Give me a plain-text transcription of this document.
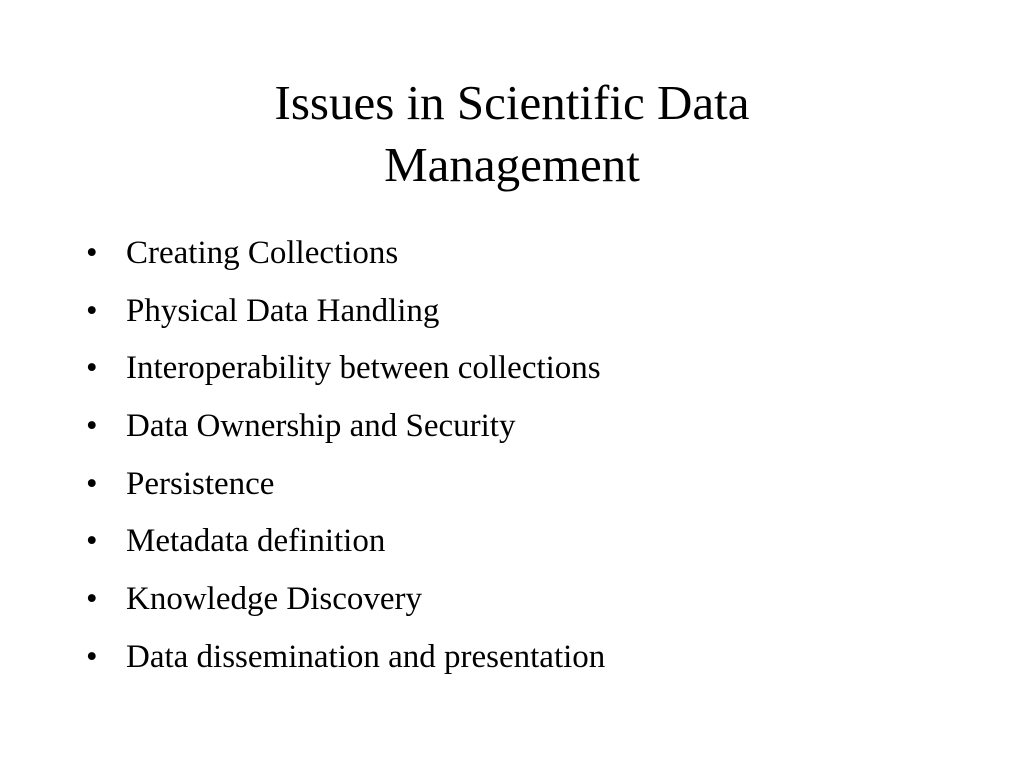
Issues in Scientific Data
Management
• Creating Collections
• Physical Data Handling
• Interoperability between collections
• Data Ownership and Security
• Persistence
• Metadata definition
• Knowledge Discovery
• Data dissemination and presentation
